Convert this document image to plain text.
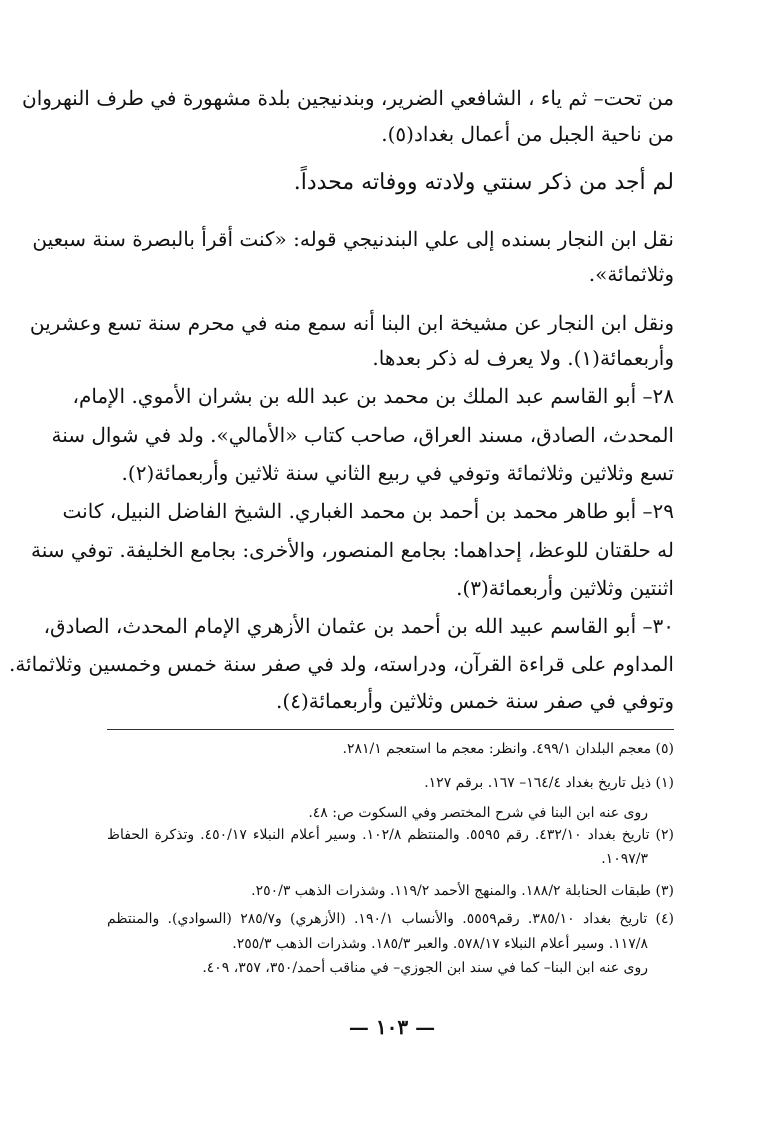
من تحت– ثم ياء ، الشافعي الضرير، وبندنيجين بلدة مشهورة في طرف النهروان
من ناحية الجبل من أعمال بغداد(٥).
لم أجد من ذكر سنتي ولادته ووفاته محدداً.
نقل ابن النجار بسنده إلى علي البندنيجي قوله: «كنت أقرأ بالبصرة سنة سبعين
وثلاثمائة».
ونقل ابن النجار عن مشيخة ابن البنا أنه سمع منه في محرم سنة تسع وعشرين
وأربعمائة(١). ولا يعرف له ذكر بعدها.
٢٨– أبو القاسم عبد الملك بن محمد بن عبد الله بن بشران الأموي. الإمام،
المحدث، الصادق، مسند العراق، صاحب كتاب «الأمالي». ولد في شوال سنة
تسع وثلاثين وثلاثمائة وتوفي في ربيع الثاني سنة ثلاثين وأربعمائة(٢).
٢٩– أبو طاهر محمد بن أحمد بن محمد الغباري. الشيخ الفاضل النبيل، كانت
له حلقتان للوعظ، إحداهما: بجامع المنصور، والأخرى: بجامع الخليفة. توفي سنة
اثنتين وثلاثين وأربعمائة(٣).
٣٠– أبو القاسم عبيد الله بن أحمد بن عثمان الأزهري الإمام المحدث، الصادق،
المداوم على قراءة القرآن، ودراسته، ولد في صفر سنة خمس وخمسين وثلاثمائة.
وتوفي في صفر سنة خمس وثلاثين وأربعمائة(٤).
(٥) معجم البلدان ٤٩٩/١. وانظر: معجم ما استعجم ٢٨١/١.
(١) ذيل تاريخ بغداد ١٦٤/٤– ١٦٧. برقم ١٢٧.
روى عنه ابن البنا في شرح المختصر وفي السكوت ص: ٤٨.
(٢) تاريخ بغداد ٤٣٢/١٠. رقم ٥٥٩٥. والمنتظم ١٠٢/٨. وسير أعلام النبلاء ٤٥٠/١٧. وتذكرة الحفاظ
١٠٩٧/٣.
(٣) طبقات الحنابلة ١٨٨/٢. والمنهج الأحمد ١١٩/٢. وشذرات الذهب ٢٥٠/٣.
(٤) تاريخ بغداد ٣٨٥/١٠. رقم٥٥٥٩. والأنساب ١٩٠/١. (الأزهري) و٢٨٥/٧ (السوادي). والمنتظم
١١٧/٨. وسير أعلام النبلاء ٥٧٨/١٧. والعبر ١٨٥/٣. وشذرات الذهب ٢٥٥/٣.
روى عنه ابن البنا– كما في سند ابن الجوزي– في مناقب أحمد/٣٥٠، ٣٥٧، ٤٠٩.
— ١٠٣ —
